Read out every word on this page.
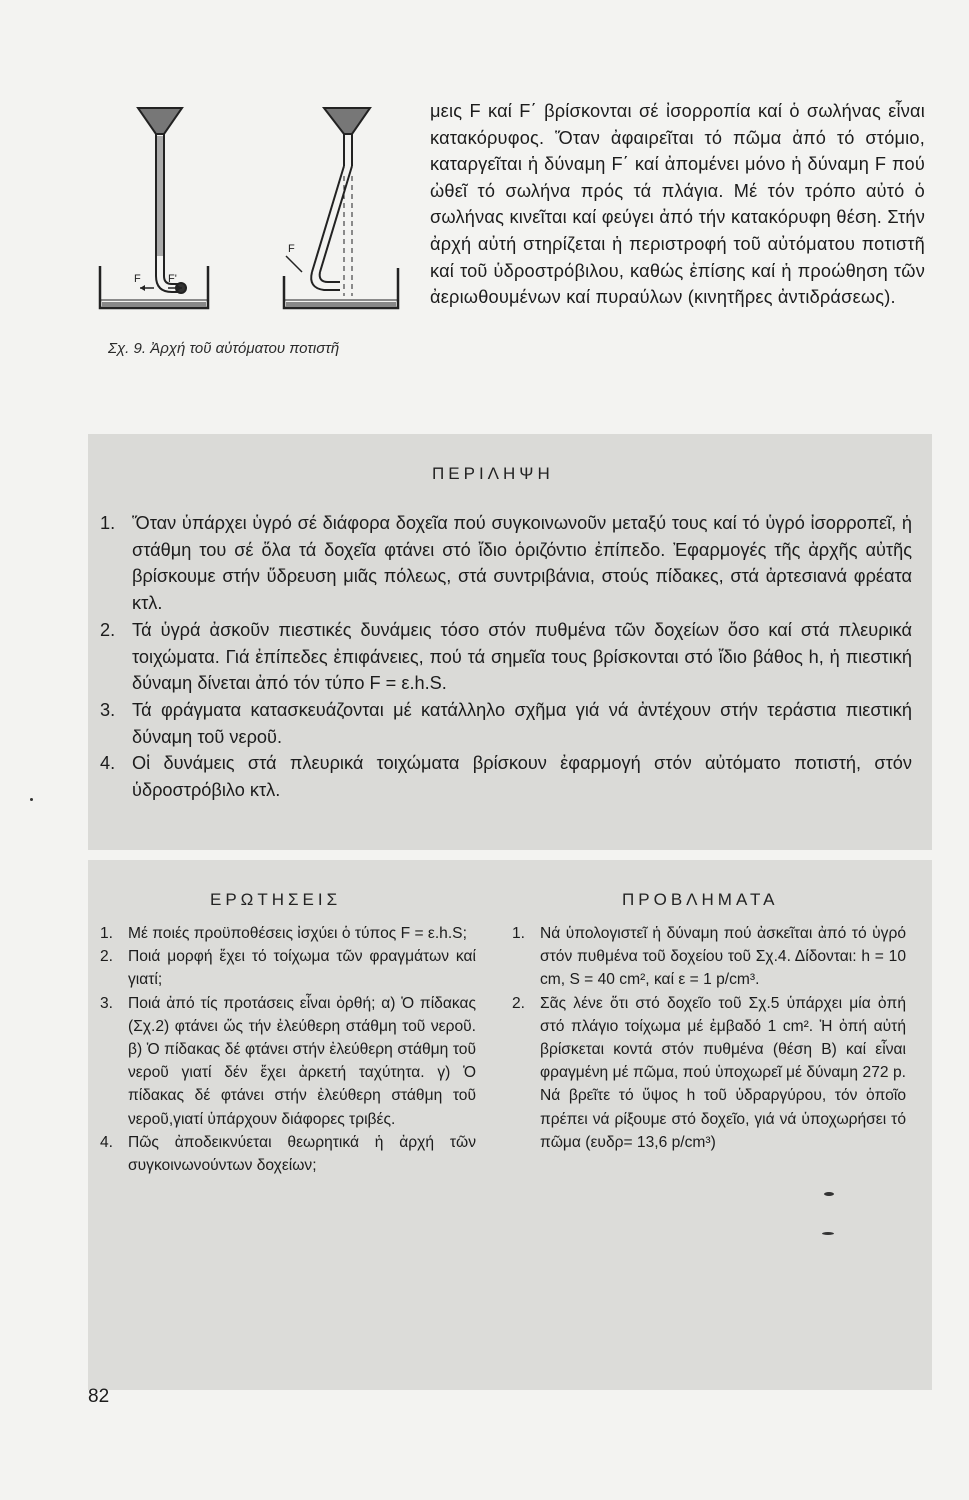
F F'
F
Σχ. 9. Ἀρχή τοῦ αὐτόματου ποτιστῆ

μεις F καί F΄ βρίσκονται σέ ἰσορροπία καί ὁ σωλήνας εἶναι κατακόρυφος. Ὅταν ἀφαιρεῖται τό πῶμα ἀπό τό στόμιο, καταργεῖται ἡ δύναμη F΄ καί ἀπομένει μόνο ἡ δύναμη F πού ὠθεῖ τό σωλήνα πρός τά πλάγια. Μέ τόν τρόπο αὐτό ὁ σωλήνας κινεῖται καί φεύγει ἀπό τήν κατακόρυφη θέση. Στήν ἀρχή αὐτή στηρίζεται ἡ περιστροφή τοῦ αὐτόματου ποτιστῆ καί τοῦ ὑδροστρόβιλου, καθώς ἐπίσης καί ἡ προώθηση τῶν ἀεριωθουμένων καί πυραύλων (κινητῆρες ἀντιδράσεως).

ΠΕΡΙΛΗΨΗ
1. Ὅταν ὑπάρχει ὑγρό σέ διάφορα δοχεῖα πού συγκοινωνοῦν μεταξύ τους καί τό ὑγρό ἰσορροπεῖ, ἡ στάθμη του σέ ὅλα τά δοχεῖα φτάνει στό ἴδιο ὁριζόντιο ἐπίπεδο. Ἐφαρμογές τῆς ἀρχῆς αὐτῆς βρίσκουμε στήν ὕδρευση μιᾶς πόλεως, στά συντριβάνια, στούς πίδακες, στά ἀρτεσιανά φρέατα κτλ.
2. Τά ὑγρά ἀσκοῦν πιεστικές δυνάμεις τόσο στόν πυθμένα τῶν δοχείων ὅσο καί στά πλευρικά τοιχώματα. Γιά ἐπίπεδες ἐπιφάνειες, πού τά σημεῖα τους βρίσκονται στό ἴδιο βάθος h, ἡ πιεστική δύναμη δίνεται ἀπό τόν τύπο F = ε.h.S.
3. Τά φράγματα κατασκευάζονται μέ κατάλληλο σχῆμα γιά νά ἀντέχουν στήν τεράστια πιεστική δύναμη τοῦ νεροῦ.
4. Οἱ δυνάμεις στά πλευρικά τοιχώματα βρίσκουν ἐφαρμογή στόν αὐτόματο ποτιστή, στόν ὑδροστρόβιλο κτλ.
ΕΡΩΤΗΣΕΙΣ
1. Μέ ποιές προϋποθέσεις ἰσχύει ὁ τύπος F = ε.h.S;
2. Ποιά μορφή ἔχει τό τοίχωμα τῶν φραγμάτων καί γιατί;
3. Ποιά ἀπό τίς προτάσεις εἶναι ὀρθή; α) Ὁ πίδακας (Σχ.2) φτάνει ὥς τήν ἐλεύθερη στάθμη τοῦ νεροῦ. β) Ὁ πίδακας δέ φτάνει στήν ἐλεύθερη στάθμη τοῦ νεροῦ γιατί δέν ἔχει ἀρκετή ταχύτητα. γ) Ὁ πίδακας δέ φτάνει στήν ἐλεύθερη στάθμη τοῦ νεροῦ,γιατί ὑπάρχουν διάφορες τριβές.
4. Πῶς ἀποδεικνύεται θεωρητικά ἡ ἀρχή τῶν συγκοινωνούντων δοχείων;
ΠΡΟΒΛΗΜΑΤΑ
1. Νά ὑπολογιστεῖ ἡ δύναμη πού ἀσκεῖται ἀπό τό ὑγρό στόν πυθμένα τοῦ δοχείου τοῦ Σχ.4. Δίδονται: h = 10 cm, S = 40 cm², καί ε = 1 p/cm³.
2. Σᾶς λένε ὅτι στό δοχεῖο τοῦ Σχ.5 ὑπάρχει μία ὀπή στό πλάγιο τοίχωμα μέ ἐμβαδό 1 cm². Ἡ ὀπή αὐτή βρίσκεται κοντά στόν πυθμένα (θέση Β) καί εἶναι φραγμένη μέ πῶμα, πού ὑποχωρεῖ μέ δύναμη 272 p. Νά βρεῖτε τό ὕψος h τοῦ ὑδραργύρου, τόν ὁποῖο πρέπει νά ρίξουμε στό δοχεῖο, γιά νά ὑποχωρήσει τό πῶμα (ευδρ= 13,6 p/cm³)
82
